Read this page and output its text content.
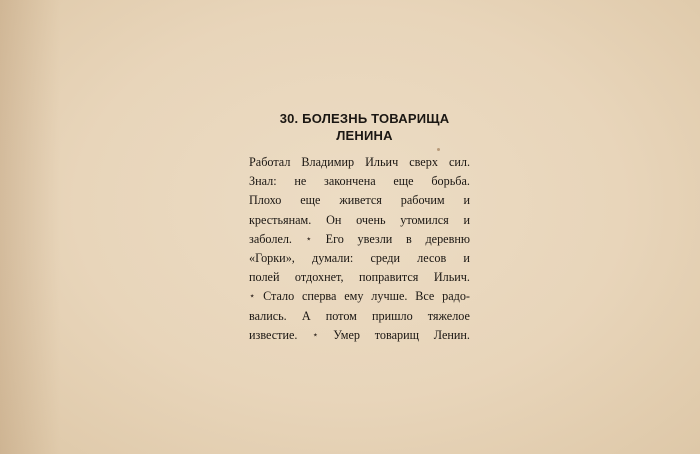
30. БОЛЕЗНЬ ТОВАРИЩА
ЛЕНИНА
Работал Владимир Ильич сверх сил.
Знал: не закончена еще борьба.
Плохо еще живется рабочим и
крестьянам. Он очень утомился и
заболел. ⋆ Его увезли в деревню
«Горки», думали: среди лесов и
полей отдохнет, поправится Ильич.
⋆ Стало сперва ему лучше. Все радо-
вались. А потом пришло тяжелое
известие. ⋆ Умер товарищ Ленин.
